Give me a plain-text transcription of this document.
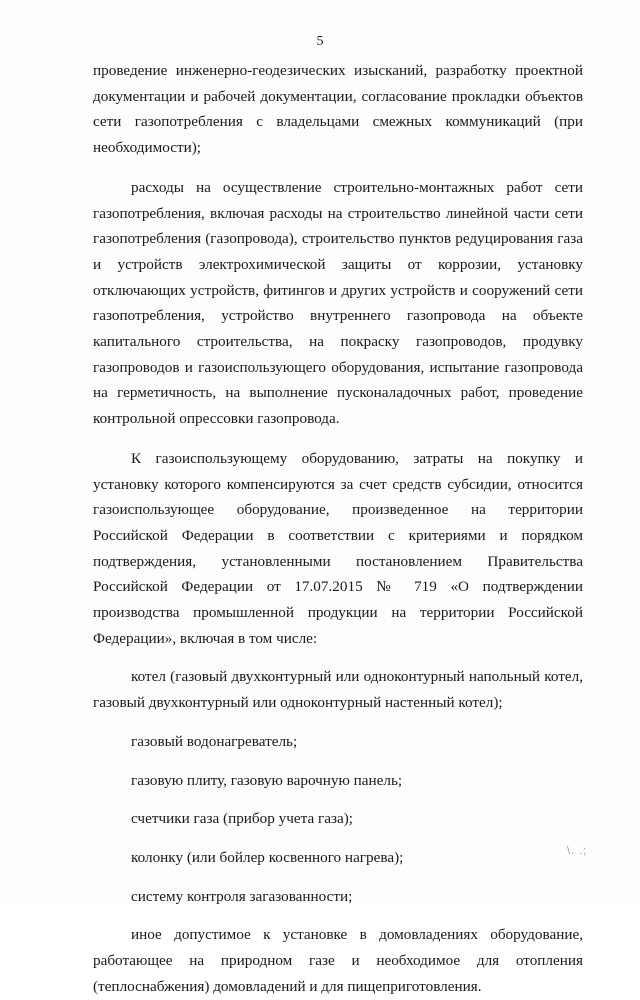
5

проведение инженерно-геодезических изысканий, разработку проектной документации и рабочей документации, согласование прокладки объектов сети газопотребления с владельцами смежных коммуникаций (при необходимости);

расходы на осуществление строительно-монтажных работ сети газопотребления, включая расходы на строительство линейной части сети газопотребления (газопровода), строительство пунктов редуцирования газа и устройств электрохимической защиты от коррозии, установку отключающих устройств, фитингов и других устройств и сооружений сети газопотребления, устройство внутреннего газопровода на объекте капитального строительства, на покраску газопроводов, продувку газопроводов и газоиспользующего оборудования, испытание газопровода на герметичность, на выполнение пусконаладочных работ, проведение контрольной опрессовки газопровода.

К газоиспользующему оборудованию, затраты на покупку и установку которого компенсируются за счет средств субсидии, относится газоиспользующее оборудование, произведенное на территории Российской Федерации в соответствии с критериями и порядком подтверждения, установленными постановлением Правительства Российской Федерации от 17.07.2015 № 719 «О подтверждении производства промышленной продукции на территории Российской Федерации», включая в том числе:

котел (газовый двухконтурный или одноконтурный напольный котел, газовый двухконтурный или одноконтурный настенный котел);

газовый водонагреватель;

газовую плиту, газовую варочную панель;

счетчики газа (прибор учета газа);

колонку (или бойлер косвенного нагрева);

систему контроля загазованности;

иное допустимое к установке в домовладениях оборудование, работающее на природном газе и необходимое для отопления (теплоснабжения) домовладений и для пищеприготовления.

\. .;
